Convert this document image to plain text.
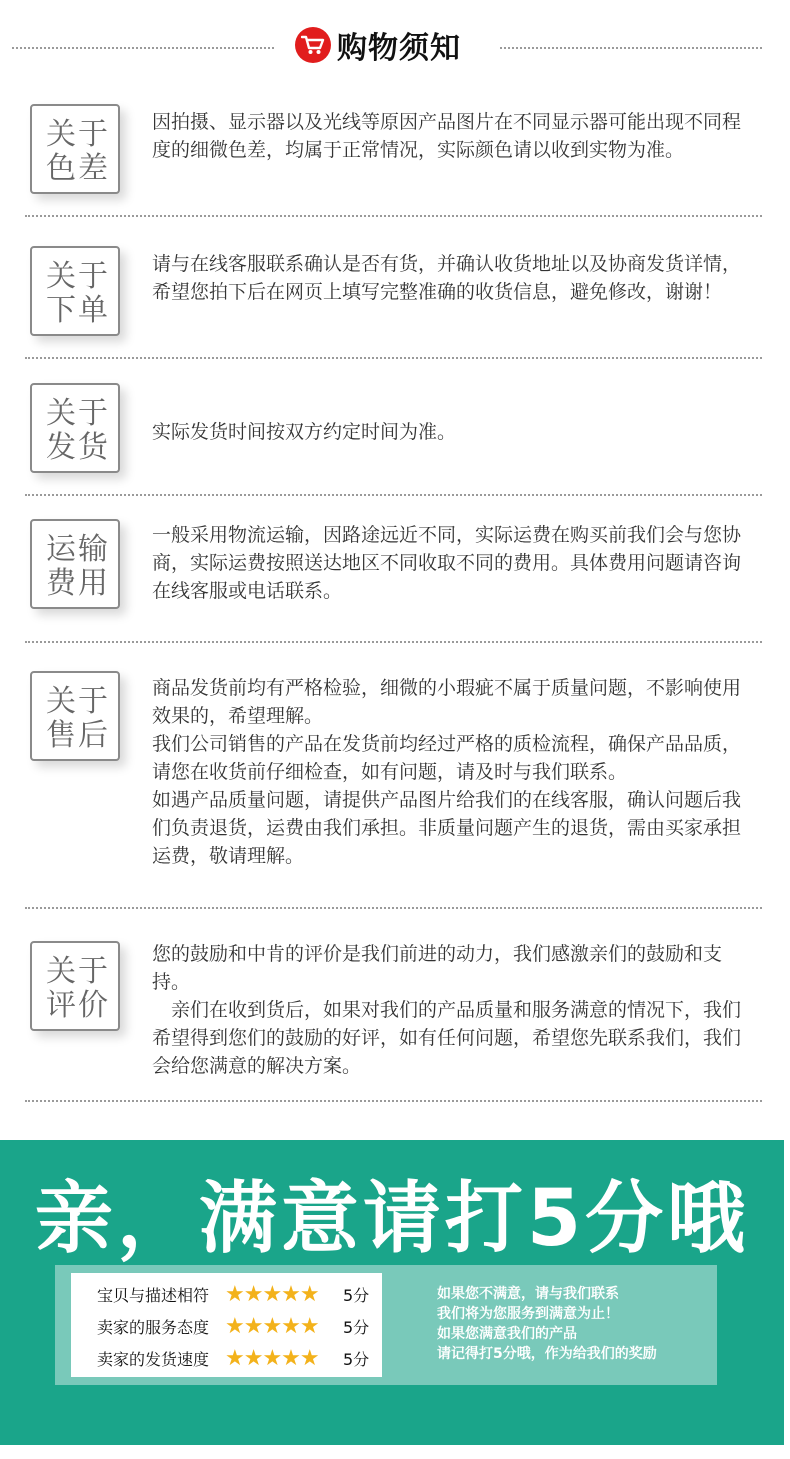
购物须知
关于
色差

因拍摄、显示器以及光线等原因产品图片在不同显示器可能出现不同程度的细微色差，均属于正常情况，实际颜色请以收到实物为准。

关于
下单

请与在线客服联系确认是否有货，并确认收货地址以及协商发货详情，希望您拍下后在网页上填写完整准确的收货信息，避免修改，谢谢！

关于
发货 实际发货时间按双方约定时间为准。

运输
费用

一般采用物流运输，因路途远近不同，实际运费在购买前我们会与您协商，实际运费按照送达地区不同收取不同的费用。具体费用问题请咨询在线客服或电话联系。

关于
售后

商品发货前均有严格检验，细微的小瑕疵不属于质量问题，不影响使用效果的，希望理解。

我们公司销售的产品在发货前均经过严格的质检流程，确保产品品质，请您在收货前仔细检查，如有问题，请及时与我们联系。

如遇产品质量问题，请提供产品图片给我们的在线客服，确认问题后我们负责退货，运费由我们承担。非质量问题产生的退货，需由买家承担运费，敬请理解。

关于
评价

您的鼓励和中肯的评价是我们前进的动力，我们感激亲们的鼓励和支持。

　亲们在收到货后，如果对我们的产品质量和服务满意的情况下，我们希望得到您们的鼓励的好评，如有任何问题，希望您先联系我们，我们会给您满意的解决方案。

亲，满意请打5分哦
宝贝与描述相符 ★★★★★ 5分
卖家的服务态度 ★★★★★ 5分
卖家的发货速度 ★★★★★ 5分

如果您不满意，请与我们联系

我们将为您服务到满意为止！

如果您满意我们的产品

请记得打5分哦，作为给我们的奖励
